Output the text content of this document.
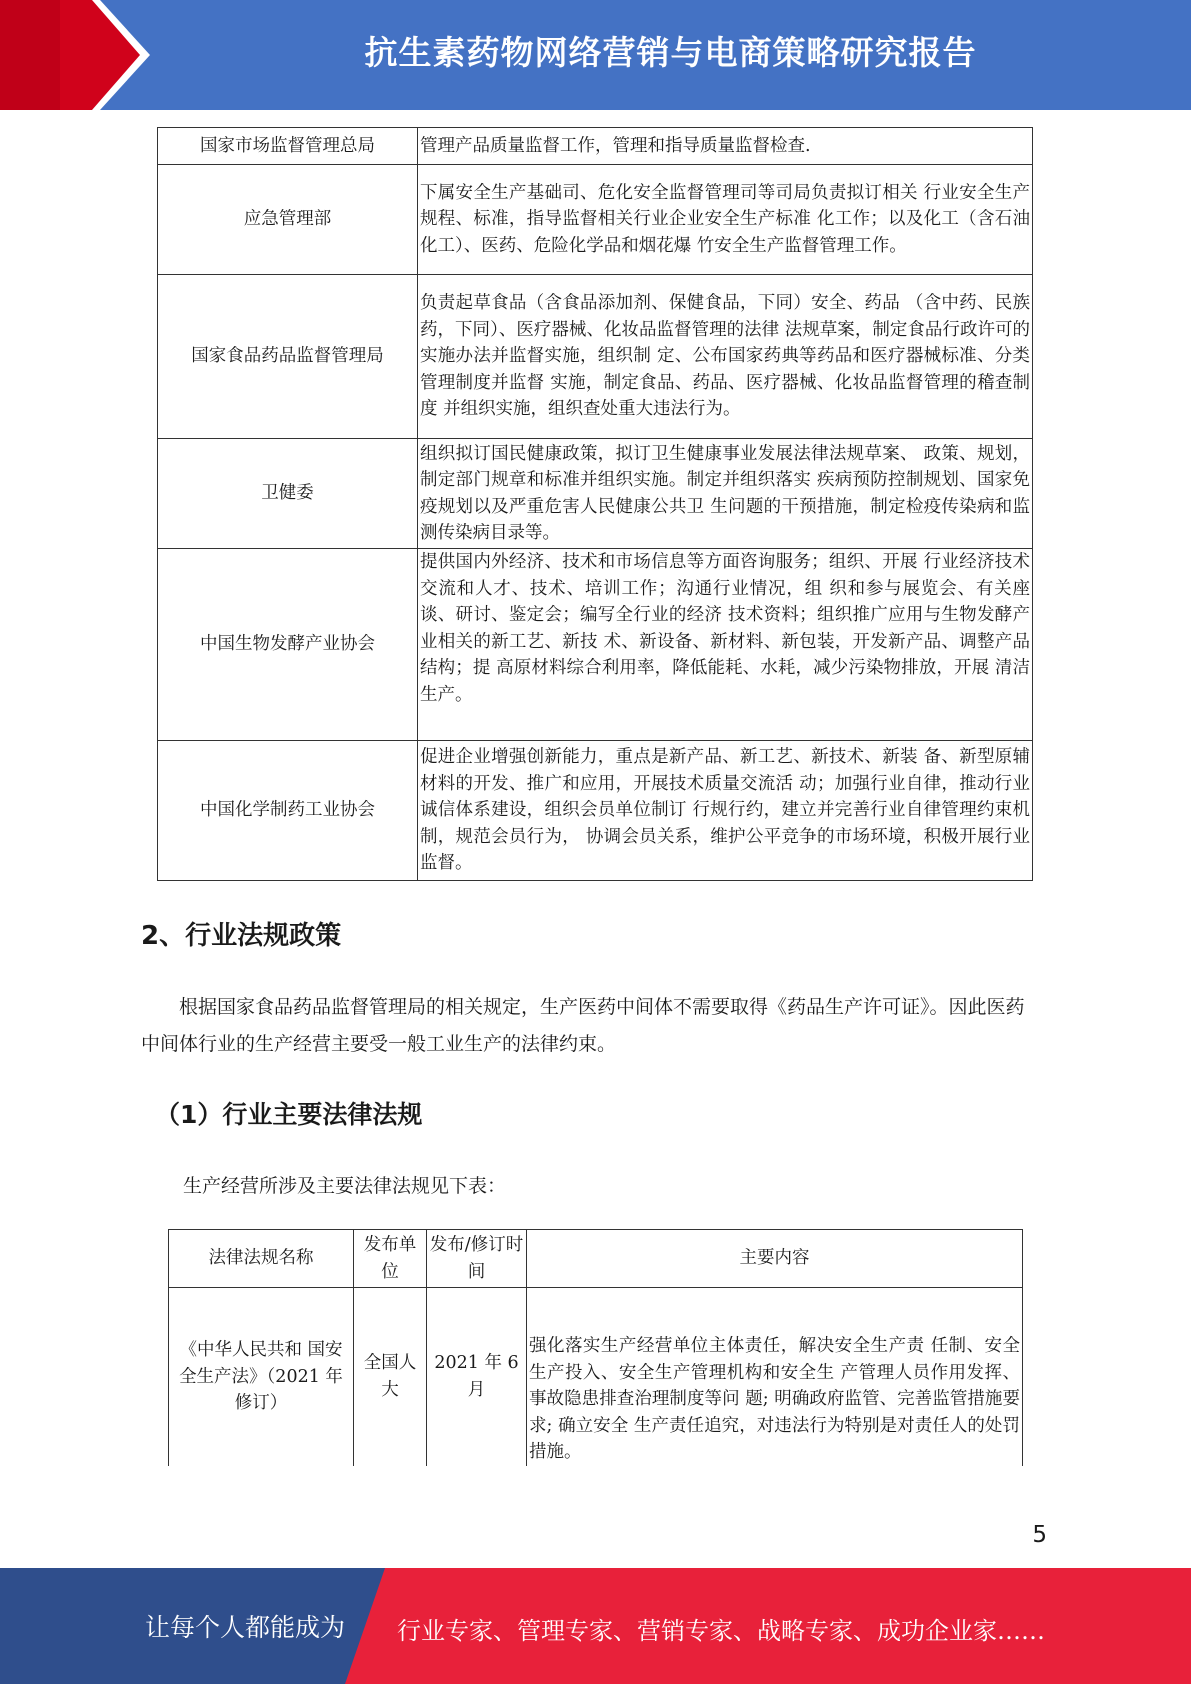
抗生素药物网络营销与电商策略研究报告
国家市场监督管理总局	管理产品质量监督工作，管理和指导质量监督检查.
应急管理部	下属安全生产基础司、危化安全监督管理司等司局负责拟订相关 行业安全生产规程、标准，指导监督相关行业企业安全生产标准 化工作；以及化工（含石油化工）、医药、危险化学品和烟花爆 竹安全生产监督管理工作。
国家食品药品监督管理局	负责起草食品（含食品添加剂、保健食品，下同）安全、药品 （含中药、民族药，下同）、医疗器械、化妆品监督管理的法律 法规草案，制定食品行政许可的实施办法并监督实施，组织制 定、公布国家药典等药品和医疗器械标准、分类管理制度并监督 实施，制定食品、药品、医疗器械、化妆品监督管理的稽查制度 并组织实施，组织查处重大违法行为。
卫健委	组织拟订国民健康政策，拟订卫生健康事业发展法律法规草案、 政策、规划，制定部门规章和标准并组织实施。制定并组织落实 疾病预防控制规划、国家免疫规划以及严重危害人民健康公共卫 生问题的干预措施，制定检疫传染病和监测传染病目录等。
中国生物发酵产业协会	提供国内外经济、技术和市场信息等方面咨询服务；组织、开展 行业经济技术交流和人才、技术、培训工作；沟通行业情况，组 织和参与展览会、有关座谈、研讨、鉴定会；编写全行业的经济 技术资料；组织推广应用与生物发酵产业相关的新工艺、新技 术、新设备、新材料、新包装，开发新产品、调整产品结构；提 高原材料综合利用率，降低能耗、水耗，减少污染物排放，开展 清洁生产。
中国化学制药工业协会	促进企业增强创新能力，重点是新产品、新工艺、新技术、新装 备、新型原辅材料的开发、推广和应用，开展技术质量交流活 动；加强行业自律，推动行业诚信体系建设，组织会员单位制订 行规行约，建立并完善行业自律管理约束机制，规范会员行为， 协调会员关系，维护公平竞争的市场环境，积极开展行业监督。
2、行业法规政策
根据国家食品药品监督管理局的相关规定，生产医药中间体不需要取得《药品生产许可证》。因此医药中间体行业的生产经营主要受一般工业生产的法律约束。
（1）行业主要法律法规
生产经营所涉及主要法律法规见下表：
法律法规名称	发布单位	发布/修订时间	主要内容
《中华人民共和 国安全生产法》（2021 年修订）	全国人大	2021 年 6 月	强化落实生产经营单位主体责任，解决安全生产责 任制、安全生产投入、安全生产管理机构和安全生 产管理人员作用发挥、事故隐患排查治理制度等问 题; 明确政府监管、完善监管措施要求; 确立安全 生产责任追究，对违法行为特别是对责任人的处罚 措施。
5
让每个人都能成为 行业专家、管理专家、营销专家、战略专家、成功企业家……
